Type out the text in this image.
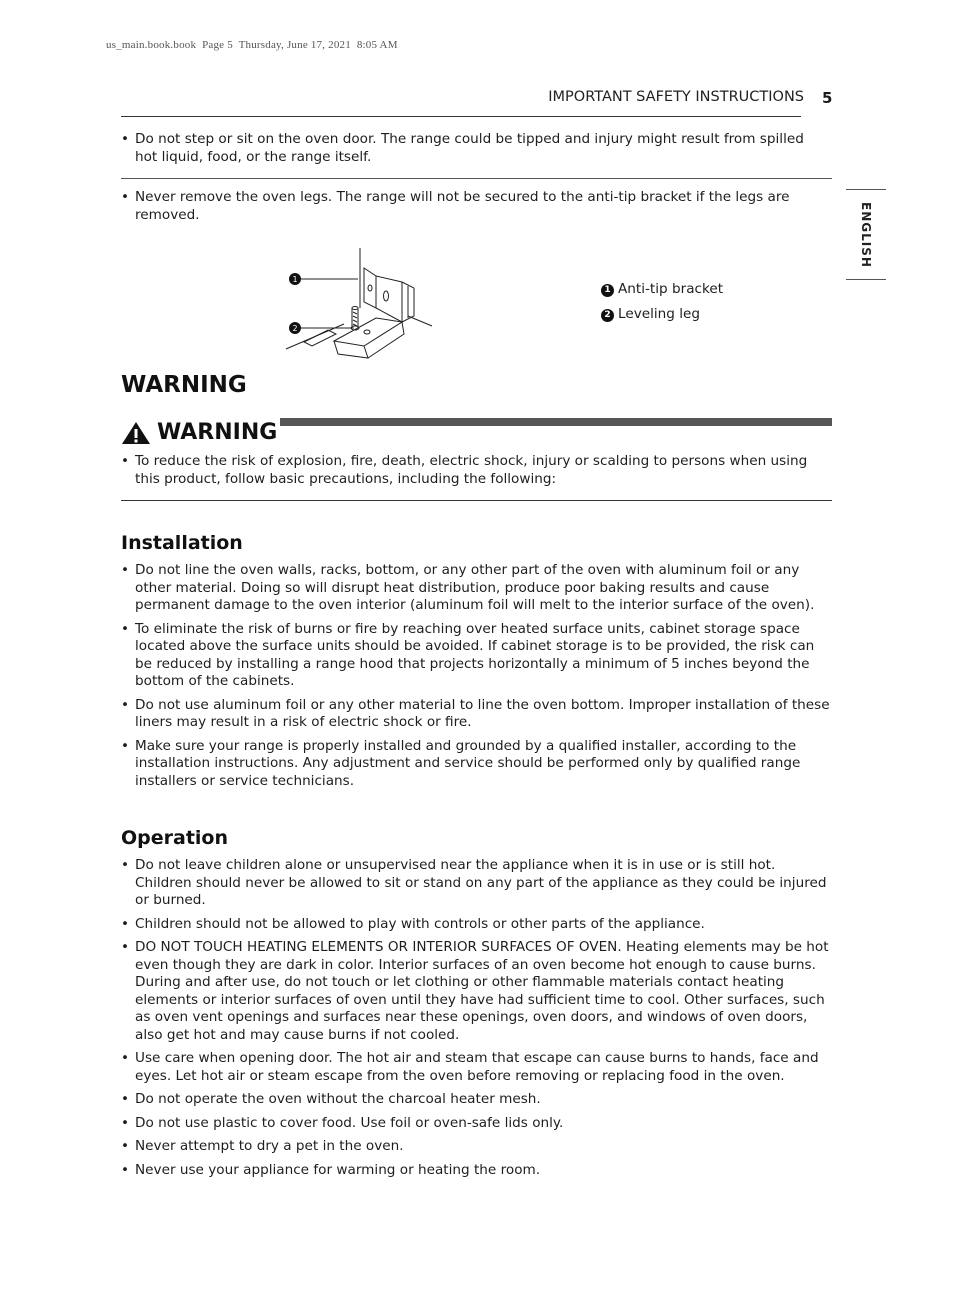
us_main.book.book  Page 5  Thursday, June 17, 2021  8:05 AM
IMPORTANT SAFETY INSTRUCTIONS 5
ENGLISH
• Do not step or sit on the oven door. The range could be tipped and injury might result from spilled hot liquid, food, or the range itself.
• Never remove the oven legs. The range will not be secured to the anti-tip bracket if the legs are removed.
1
2
1 Anti-tip bracket
2 Leveling leg
WARNING
WARNING
• To reduce the risk of explosion, fire, death, electric shock, injury or scalding to persons when using this product, follow basic precautions, including the following:
Installation
• Do not line the oven walls, racks, bottom, or any other part of the oven with aluminum foil or any other material. Doing so will disrupt heat distribution, produce poor baking results and cause permanent damage to the oven interior (aluminum foil will melt to the interior surface of the oven).
• To eliminate the risk of burns or fire by reaching over heated surface units, cabinet storage space located above the surface units should be avoided. If cabinet storage is to be provided, the risk can be reduced by installing a range hood that projects horizontally a minimum of 5 inches beyond the bottom of the cabinets.
• Do not use aluminum foil or any other material to line the oven bottom. Improper installation of these liners may result in a risk of electric shock or fire.
• Make sure your range is properly installed and grounded by a qualified installer, according to the installation instructions. Any adjustment and service should be performed only by qualified range installers or service technicians.
Operation
• Do not leave children alone or unsupervised near the appliance when it is in use or is still hot. Children should never be allowed to sit or stand on any part of the appliance as they could be injured or burned.
• Children should not be allowed to play with controls or other parts of the appliance.
• DO NOT TOUCH HEATING ELEMENTS OR INTERIOR SURFACES OF OVEN. Heating elements may be hot even though they are dark in color. Interior surfaces of an oven become hot enough to cause burns. During and after use, do not touch or let clothing or other flammable materials contact heating elements or interior surfaces of oven until they have had sufficient time to cool. Other surfaces, such as oven vent openings and surfaces near these openings, oven doors, and windows of oven doors, also get hot and may cause burns if not cooled.
• Use care when opening door. The hot air and steam that escape can cause burns to hands, face and eyes. Let hot air or steam escape from the oven before removing or replacing food in the oven.
• Do not operate the oven without the charcoal heater mesh.
• Do not use plastic to cover food. Use foil or oven-safe lids only.
• Never attempt to dry a pet in the oven.
• Never use your appliance for warming or heating the room.
